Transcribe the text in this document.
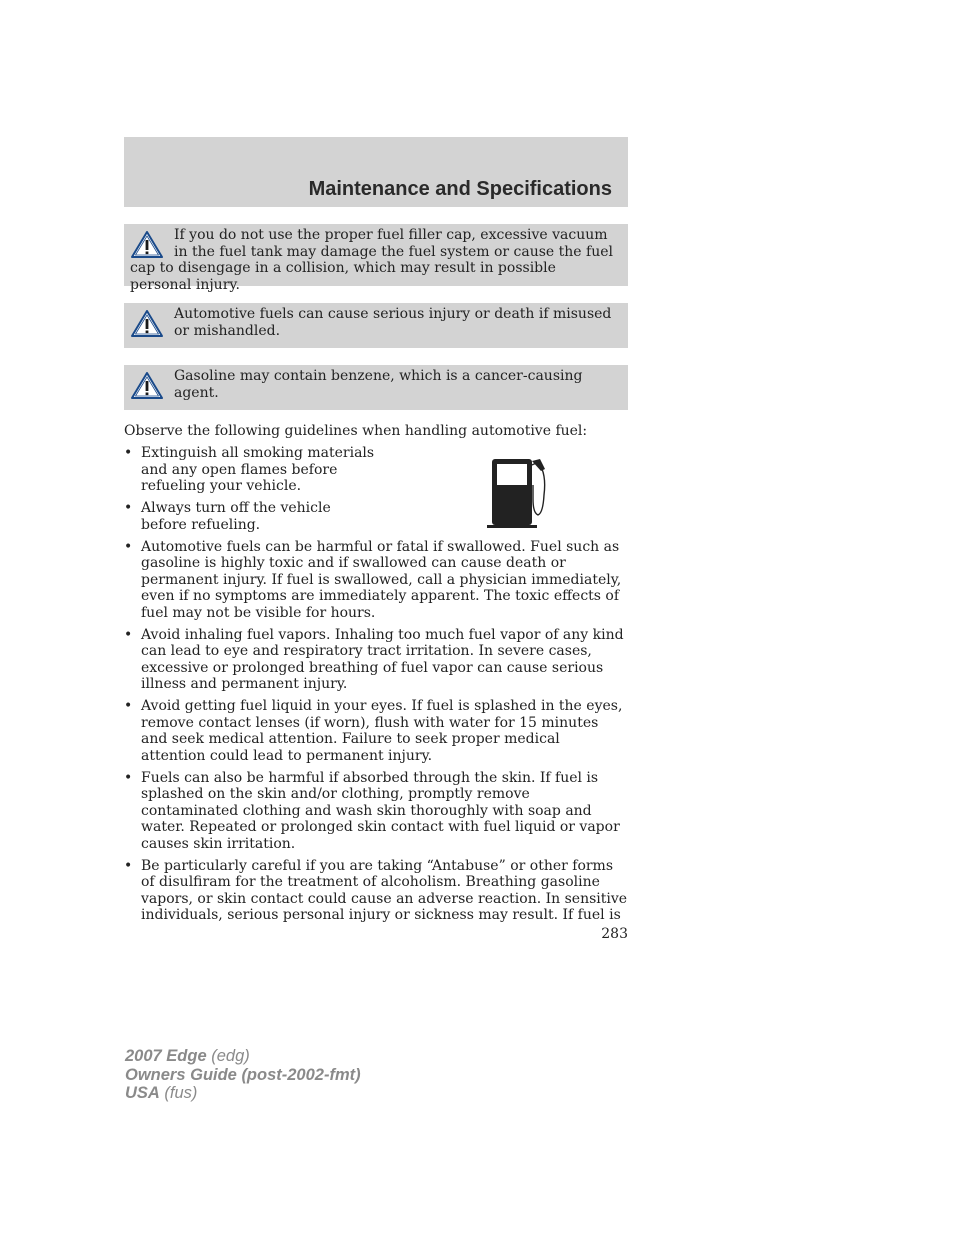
Maintenance and Specifications
If you do not use the proper fuel filler cap, excessive vacuum in the fuel tank may damage the fuel system or cause the fuel cap to disengage in a collision, which may result in possible personal injury.
Automotive fuels can cause serious injury or death if misused or mishandled.
Gasoline may contain benzene, which is a cancer-causing agent.
Observe the following guidelines when handling automotive fuel:
• Extinguish all smoking materials and any open flames before refueling your vehicle.
• Always turn off the vehicle before refueling.
• Automotive fuels can be harmful or fatal if swallowed. Fuel such as gasoline is highly toxic and if swallowed can cause death or permanent injury. If fuel is swallowed, call a physician immediately, even if no symptoms are immediately apparent. The toxic effects of fuel may not be visible for hours.
• Avoid inhaling fuel vapors. Inhaling too much fuel vapor of any kind can lead to eye and respiratory tract irritation. In severe cases, excessive or prolonged breathing of fuel vapor can cause serious illness and permanent injury.
• Avoid getting fuel liquid in your eyes. If fuel is splashed in the eyes, remove contact lenses (if worn), flush with water for 15 minutes and seek medical attention. Failure to seek proper medical attention could lead to permanent injury.
• Fuels can also be harmful if absorbed through the skin. If fuel is splashed on the skin and/or clothing, promptly remove contaminated clothing and wash skin thoroughly with soap and water. Repeated or prolonged skin contact with fuel liquid or vapor causes skin irritation.
• Be particularly careful if you are taking “Antabuse” or other forms of disulfiram for the treatment of alcoholism. Breathing gasoline vapors, or skin contact could cause an adverse reaction. In sensitive individuals, serious personal injury or sickness may result. If fuel is
283
2007 Edge (edg)
Owners Guide (post-2002-fmt)
USA (fus)
